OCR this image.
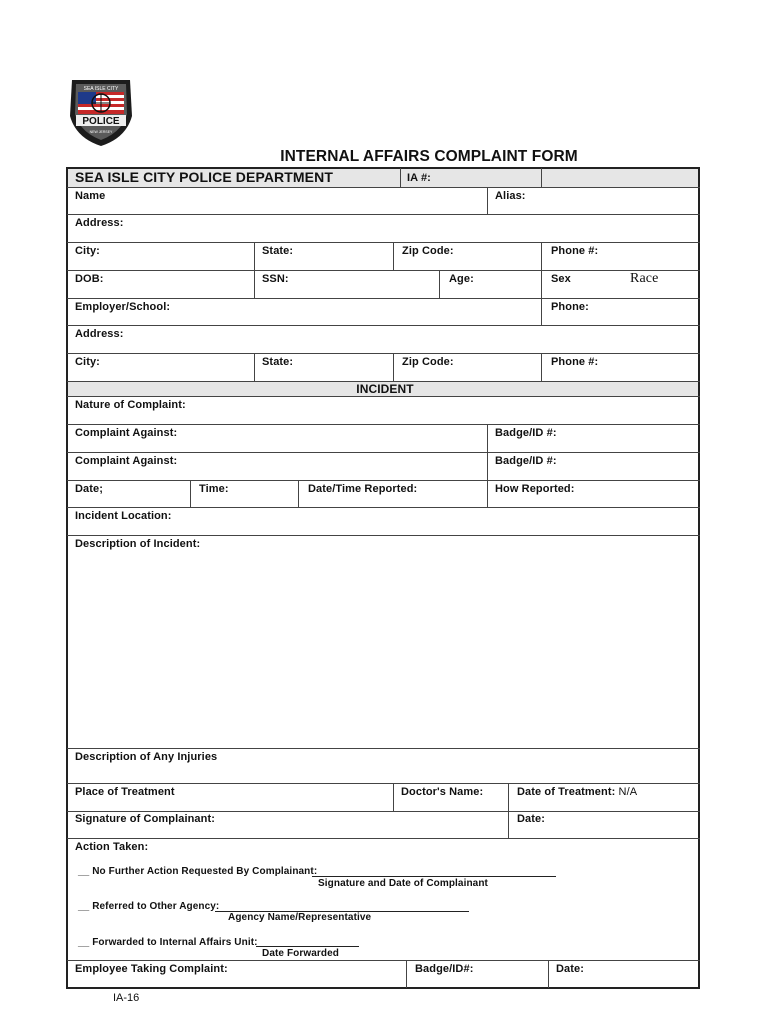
POLICE
SEA ISLE CITY
NEW JERSEY
INTERNAL AFFAIRS COMPLAINT FORM
SEA ISLE CITY POLICE DEPARTMENT	IA #:
Name	Alias:
Address:
City:	State:	Zip Code:	Phone #:
DOB:	SSN:	Age:	Sex	Race
Employer/School:	Phone:
Address:
City:	State:	Zip Code:	Phone #:
INCIDENT
Nature of Complaint:
Complaint Against:	Badge/ID #:
Complaint Against:	Badge/ID #:
Date;	Time:	Date/Time Reported:	How Reported:
Incident Location:
Description of Incident:
Description of Any Injuries
Place of Treatment	Doctor's Name:	Date of Treatment: N/A
Signature of Complainant:	Date:
Action Taken:
__ No Further Action Requested By Complainant:
Signature and Date of Complainant
__ Referred to Other Agency:
Agency Name/Representative
__ Forwarded to Internal Affairs Unit:
Date Forwarded
Employee Taking Complaint:	Badge/ID#:	Date:
IA-16
